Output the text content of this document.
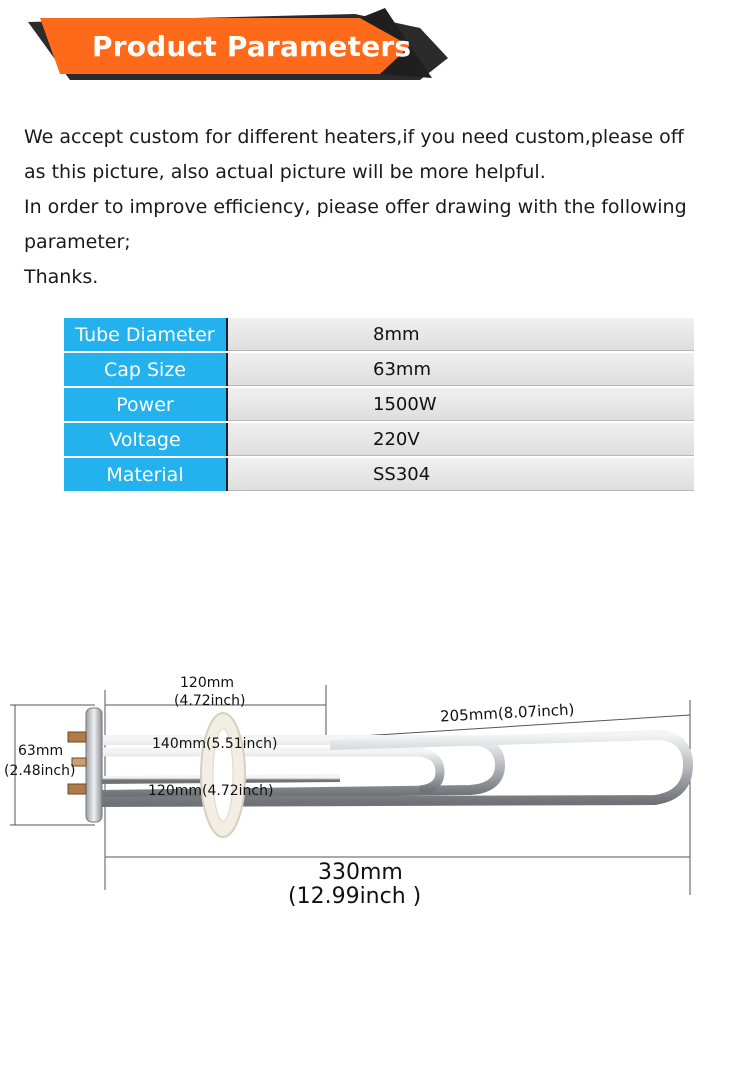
Product Parameters
We accept custom for different heaters,if you need custom,please off
as this picture, also actual picture will be more helpful.
In order to improve efficiency, piease offer drawing with the following
parameter;
Thanks.
Tube Diameter	8mm
Cap Size	63mm
Power	1500W
Voltage	220V
Material	SS304
120mm
(4.72inch)	205mm(8.07inch)
140mm(5.51inch)
120mm(4.72inch)
63mm
(2.48inch)
330mm
(12.99inch )
